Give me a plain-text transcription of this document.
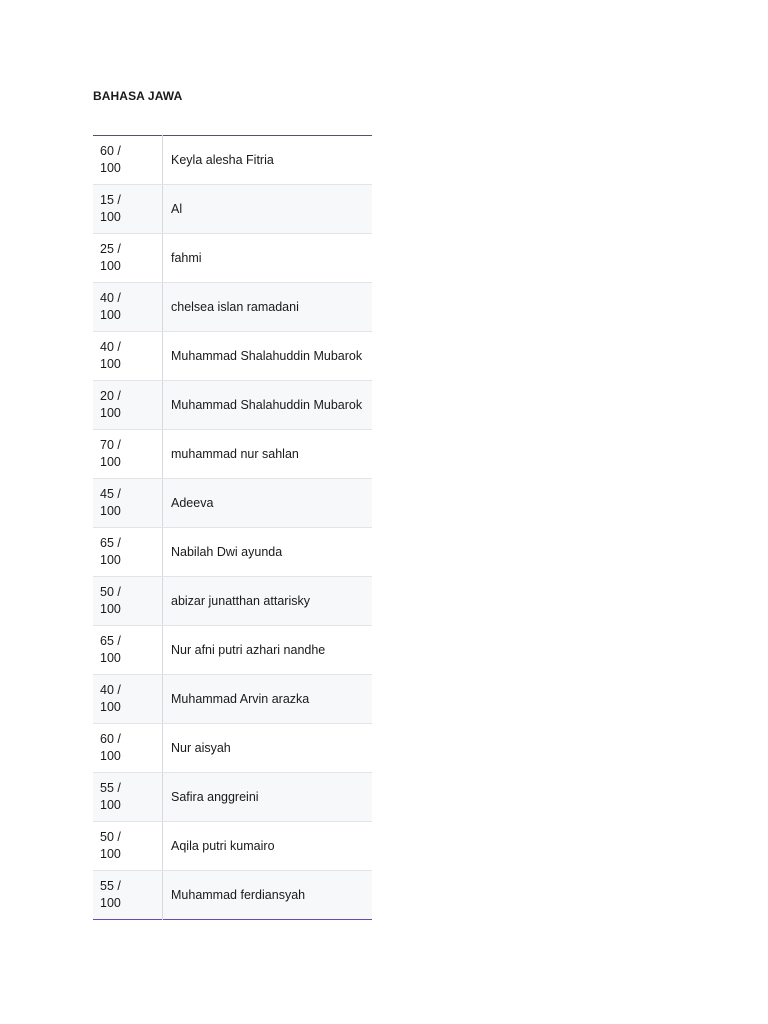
BAHASA JAWA
60 /
100	Keyla alesha Fitria

15 /
100	Al

25 /
100	fahmi

40 /
100	chelsea islan ramadani

40 /
100	Muhammad Shalahuddin Mubarok

20 /
100	Muhammad Shalahuddin Mubarok

70 /
100	muhammad nur sahlan

45 /
100	Adeeva

65 /
100	Nabilah Dwi ayunda

50 /
100	abizar junatthan attarisky

65 /
100	Nur afni putri azhari nandhe

40 /
100	Muhammad Arvin arazka

60 /
100	Nur aisyah

55 /
100	Safira anggreini

50 /
100	Aqila putri kumairo

55 /
100	Muhammad ferdiansyah
